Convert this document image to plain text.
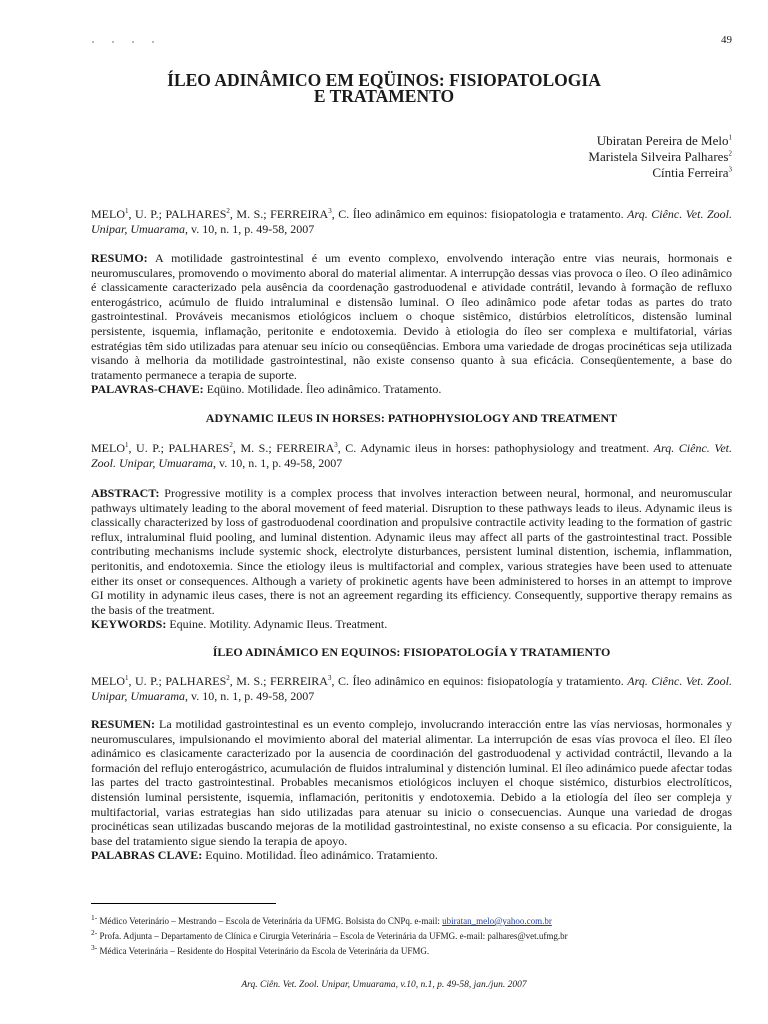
49
ÍLEO ADINÂMICO EM EQÜINOS: FISIOPATOLOGIA
E TRATAMENTO
Ubiratan Pereira de Melo$^1$
Maristela Silveira Palhares$^2$
Cíntia Ferreira$^3$

MELO$^1$, U. P.; PALHARES$^2$, M. S.; FERREIRA$^3$, C. Íleo adinâmico em equinos: fisiopatologia e tratamento. Arq. Ciênc. Vet. Zool. Unipar, Umuarama, v. 10, n. 1, p. 49-58, 2007

RESUMO: A motilidade gastrointestinal é um evento complexo, envolvendo interação entre vias neurais, hormonais e neuromusculares, promovendo o movimento aboral do material alimentar. A interrupção dessas vias provoca o íleo. O íleo adinâmico é classicamente caracterizado pela ausência da coordenação gastroduodenal e atividade contrátil, levando à formação de refluxo enterogástrico, acúmulo de fluido intraluminal e distensão luminal. O íleo adinâmico pode afetar todas as partes do trato gastrointestinal. Prováveis mecanismos etiológicos incluem o choque sistêmico, distúrbios eletrolíticos, distensão luminal persistente, isquemia, inflamação, peritonite e endotoxemia. Devido à etiologia do íleo ser complexa e multifatorial, várias estratégias têm sido utilizadas para atenuar seu início ou conseqüências. Embora uma variedade de drogas procinéticas seja utilizada visando à melhoria da motilidade gastrointestinal, não existe consenso quanto à sua eficácia. Conseqüentemente, a base do tratamento permanece a terapia de suporte.
PALAVRAS-CHAVE: Eqüino. Motilidade. Íleo adinâmico. Tratamento.

ADYNAMIC ILEUS IN HORSES: PATHOPHYSIOLOGY AND TREATMENT

MELO$^1$, U. P.; PALHARES$^2$, M. S.; FERREIRA$^3$, C. Adynamic ileus in horses: pathophysiology and treatment. Arq. Ciênc. Vet. Zool. Unipar, Umuarama, v. 10, n. 1, p. 49-58, 2007

ABSTRACT: Progressive motility is a complex process that involves interaction between neural, hormonal, and neuromuscular pathways ultimately leading to the aboral movement of feed material. Disruption to these pathways leads to ileus. Adynamic ileus is classically characterized by loss of gastroduodenal coordination and propulsive contractile activity leading to the formation of gastric reflux, intraluminal fluid pooling, and luminal distention. Adynamic ileus may affect all parts of the gastrointestinal tract. Possible contributing mechanisms include systemic shock, electrolyte disturbances, persistent luminal distention, ischemia, inflammation, peritonitis, and endotoxemia. Since the etiology ileus is multifactorial and complex, various strategies have been used to attenuate either its onset or consequences. Although a variety of prokinetic agents have been administered to horses in an attempt to improve GI motility in adynamic ileus cases, there is not an agreement regarding its efficiency. Consequently, supportive therapy remains as the basis of the treatment.
KEYWORDS: Equine. Motility. Adynamic Ileus. Treatment.

ÍLEO ADINÁMICO EN EQUINOS: FISIOPATOLOGÍA Y TRATAMIENTO

MELO$^1$, U. P.; PALHARES$^2$, M. S.; FERREIRA$^3$, C. Íleo adinâmico en equinos: fisiopatología y tratamiento. Arq. Ciênc. Vet. Zool. Unipar, Umuarama, v. 10, n. 1, p. 49-58, 2007

RESUMEN: La motilidad gastrointestinal es un evento complejo, involucrando interacción entre las vías nerviosas, hormonales y neuromusculares, impulsionando el movimiento aboral del material alimentar. La interrupción de esas vías provoca el íleo. El íleo adinámico es clasicamente caracterizado por la ausencia de coordinación del gastroduodenal y actividad contráctil, llevando a la formación del reflujo enterogástrico, acumulación de fluidos intraluminal y distención luminal. El íleo adinámico puede afectar todas las partes del tracto gastrointestinal. Probables mecanismos etiológicos incluyen el choque sistémico, disturbios electrolíticos, distensión luminal persistente, isquemia, inflamación, peritonitis y endotoxemia. Debido a la etiología del íleo ser compleja y multifactorial, varias estrategias han sido utilizadas para atenuar su inicio o consecuencias. Aunque una variedad de drogas procinéticas sean utilizadas buscando mejoras de la motilidad gastrointestinal, no existe consenso a su eficacia. Por consiguiente, la base del tratamiento sigue siendo la terapia de apoyo.
PALABRAS CLAVE: Equino. Motilidad. Íleo adinámico. Tratamiento.
$^{1-}$ Médico Veterinário – Mestrando – Escola de Veterinária da UFMG. Bolsista do CNPq. e-mail: ubiratan_melo@yahoo.com.br
$^{2-}$ Profa. Adjunta – Departamento de Clínica e Cirurgia Veterinária – Escola de Veterinária da UFMG. e-mail: palhares@vet.ufmg.br
$^{3-}$ Médica Veterinária – Residente do Hospital Veterinário da Escola de Veterinária da UFMG.
Arq. Ciên. Vet. Zool. Unipar, Umuarama, v.10, n.1, p. 49-58, jan./jun. 2007
